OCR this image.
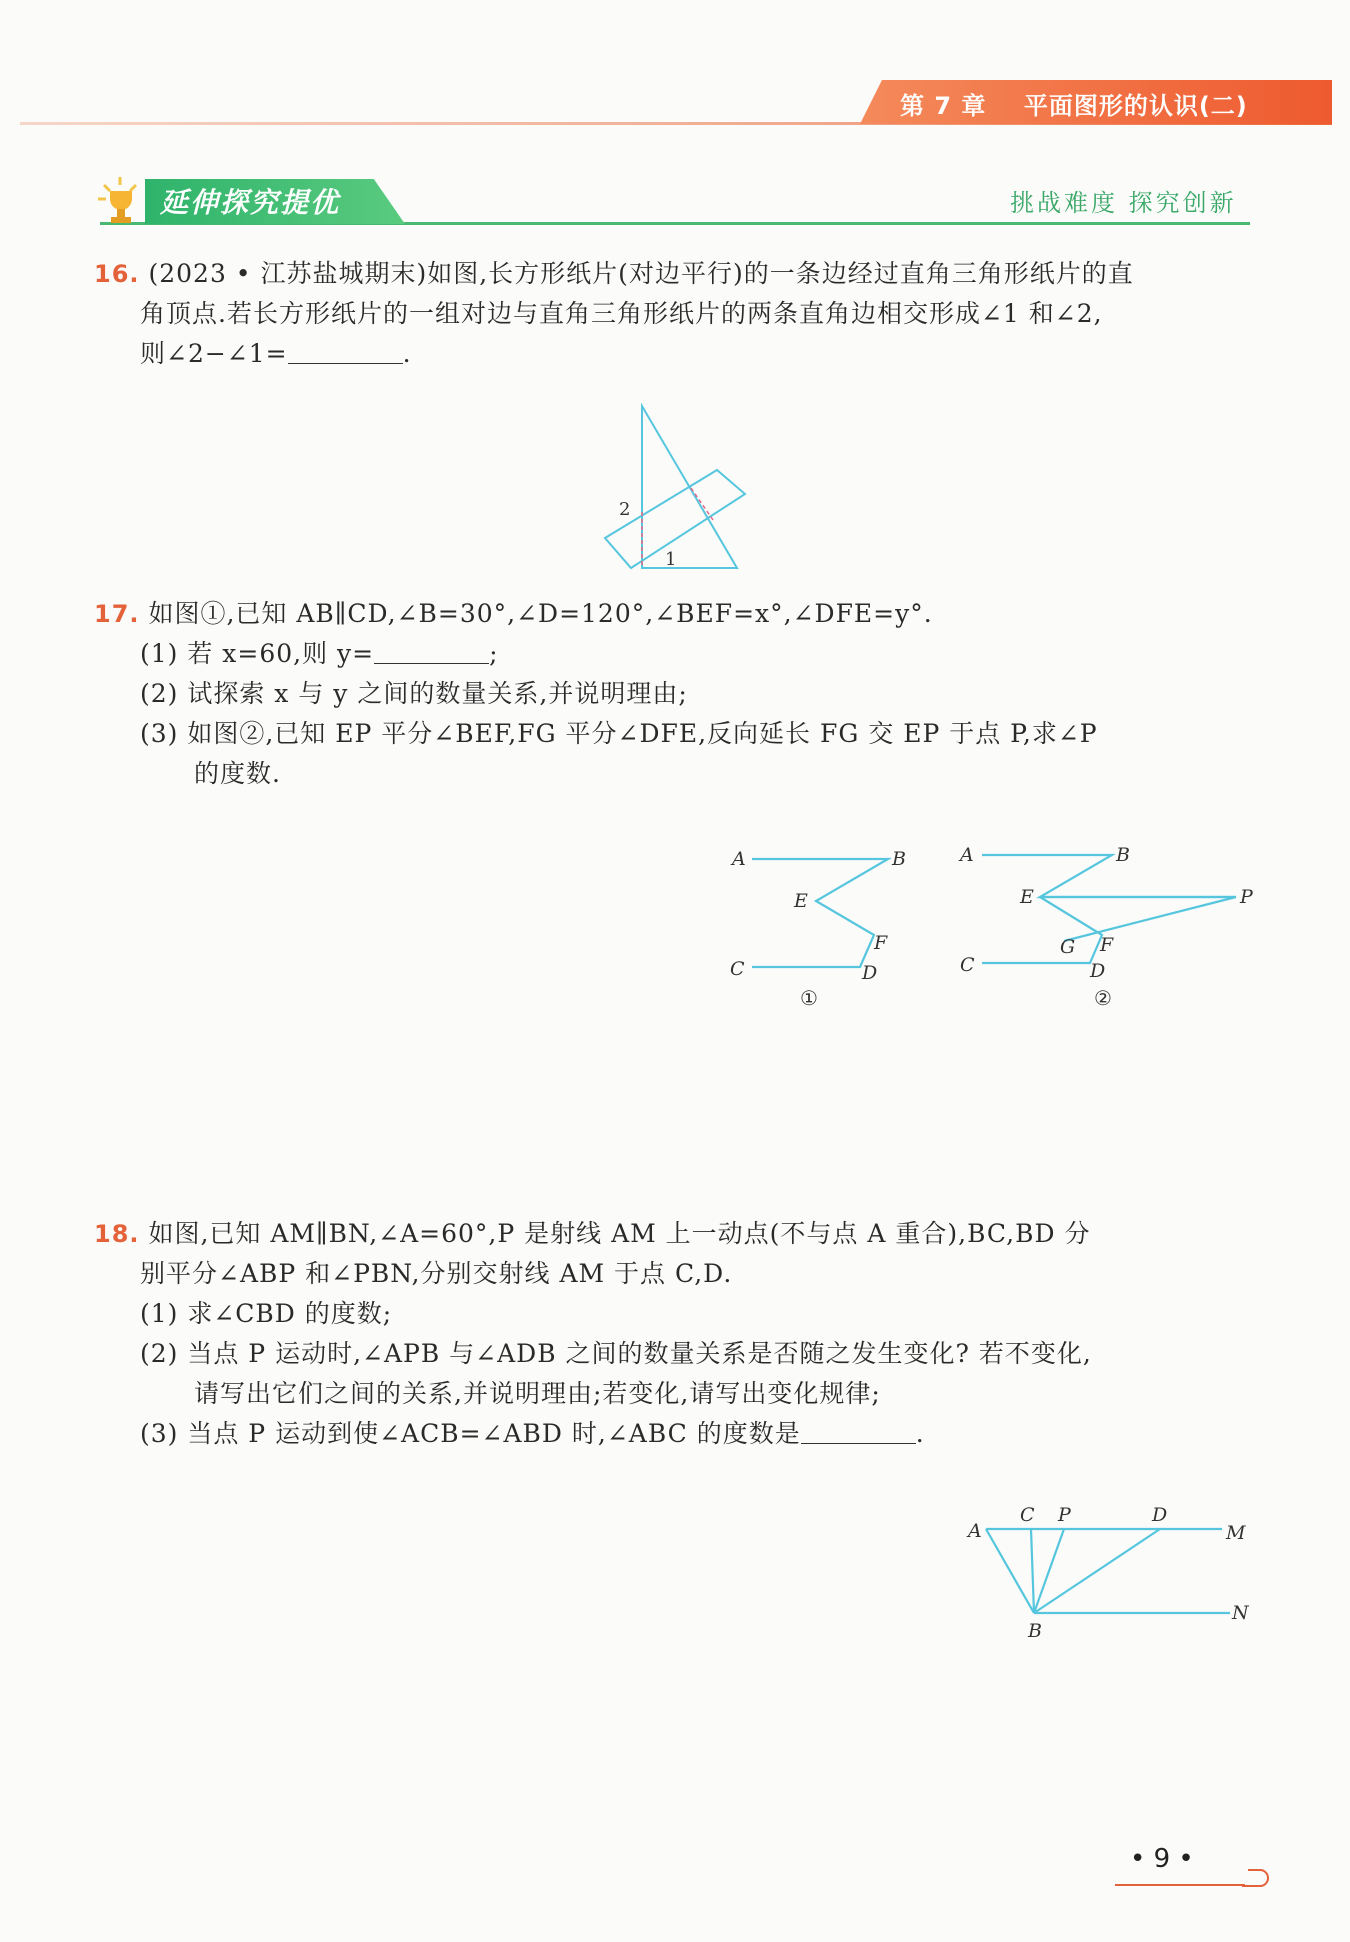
第 7 章 平面图形的认识(二)
延伸探究提优	挑战难度 探究创新
16. (2023 • 江苏盐城期末)如图,长方形纸片(对边平行)的一条边经过直角三角形纸片的直
角顶点.若长方形纸片的一组对边与直角三角形纸片的两条直角边相交形成∠1 和∠2,
则∠2−∠1=	.
2
1
17. 如图①,已知 AB∥CD,∠B=30°,∠D=120°,∠BEF=x°,∠DFE=y°.
(1) 若 x=60,则 y=	;
(2) 试探索 x 与 y 之间的数量关系,并说明理由;
(3) 如图②,已知 EP 平分∠BEF,FG 平分∠DFE,反向延长 FG 交 EP 于点 P,求∠P
的度数.
A	B
E
F
C	D
①
A	B
E	P
G F
C	D
②
18. 如图,已知 AM∥BN,∠A=60°,P 是射线 AM 上一动点(不与点 A 重合),BC,BD 分
别平分∠ABP 和∠PBN,分别交射线 AM 于点 C,D.
(1) 求∠CBD 的度数;
(2) 当点 P 运动时,∠APB 与∠ADB 之间的数量关系是否随之发生变化? 若不变化,
请写出它们之间的关系,并说明理由;若变化,请写出变化规律;
(3) 当点 P 运动到使∠ACB=∠ABD 时,∠ABC 的度数是	.
A
C P	D
M
B
N
• 9 •
